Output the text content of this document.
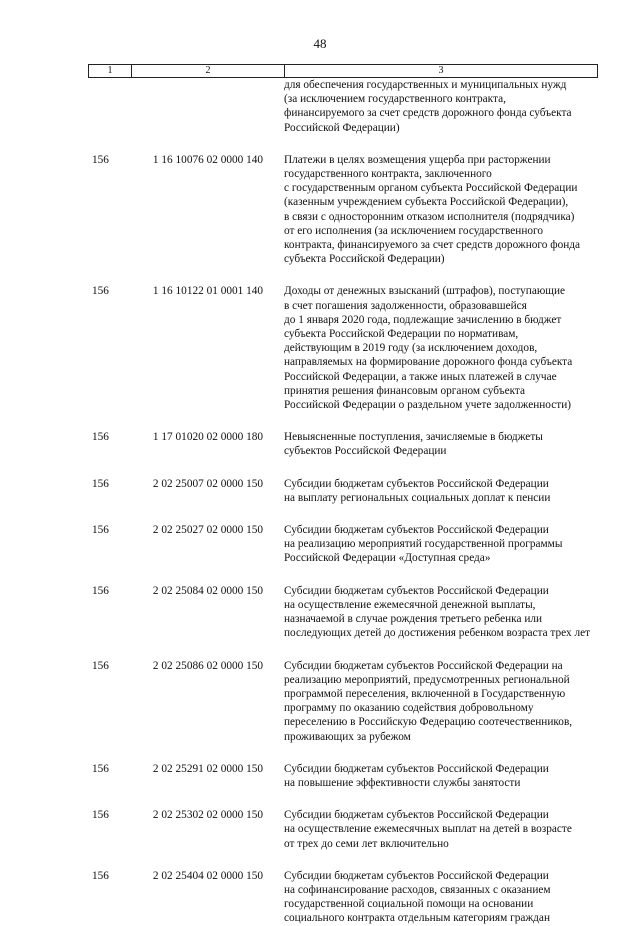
48
1	2	3
для обеспечения государственных и муниципальных нужд
(за исключением государственного контракта,
финансируемого за счет средств дорожного фонда субъекта
Российской Федерации)
156	1 16 10076 02 0000 140	Платежи в целях возмещения ущерба при расторжении
государственного контракта, заключенного
с государственным органом субъекта Российской Федерации
(казенным учреждением субъекта Российской Федерации),
в связи с односторонним отказом исполнителя (подрядчика)
от его исполнения (за исключением государственного
контракта, финансируемого за счет средств дорожного фонда
субъекта Российской Федерации)
156	1 16 10122 01 0001 140	Доходы от денежных взысканий (штрафов), поступающие
в счет погашения задолженности, образовавшейся
до 1 января 2020 года, подлежащие зачислению в бюджет
субъекта Российской Федерации по нормативам,
действующим в 2019 году (за исключением доходов,
направляемых на формирование дорожного фонда субъекта
Российской Федерации, а также иных платежей в случае
принятия решения финансовым органом субъекта
Российской Федерации о раздельном учете задолженности)
156	1 17 01020 02 0000 180	Невыясненные поступления, зачисляемые в бюджеты
субъектов Российской Федерации
156	2 02 25007 02 0000 150	Субсидии бюджетам субъектов Российской Федерации
на выплату региональных социальных доплат к пенсии
156	2 02 25027 02 0000 150	Субсидии бюджетам субъектов Российской Федерации
на реализацию мероприятий государственной программы
Российской Федерации «Доступная среда»
156	2 02 25084 02 0000 150	Субсидии бюджетам субъектов Российской Федерации
на осуществление ежемесячной денежной выплаты,
назначаемой в случае рождения третьего ребенка или
последующих детей до достижения ребенком возраста трех лет
156	2 02 25086 02 0000 150	Субсидии бюджетам субъектов Российской Федерации на
реализацию мероприятий, предусмотренных региональной
программой переселения, включенной в Государственную
программу по оказанию содействия добровольному
переселению в Российскую Федерацию соотечественников,
проживающих за рубежом
156	2 02 25291 02 0000 150	Субсидии бюджетам субъектов Российской Федерации
на повышение эффективности службы занятости
156	2 02 25302 02 0000 150	Субсидии бюджетам субъектов Российской Федерации
на осуществление ежемесячных выплат на детей в возрасте
от трех до семи лет включительно
156	2 02 25404 02 0000 150	Субсидии бюджетам субъектов Российской Федерации
на софинансирование расходов, связанных с оказанием
государственной социальной помощи на основании
социального контракта отдельным категориям граждан
